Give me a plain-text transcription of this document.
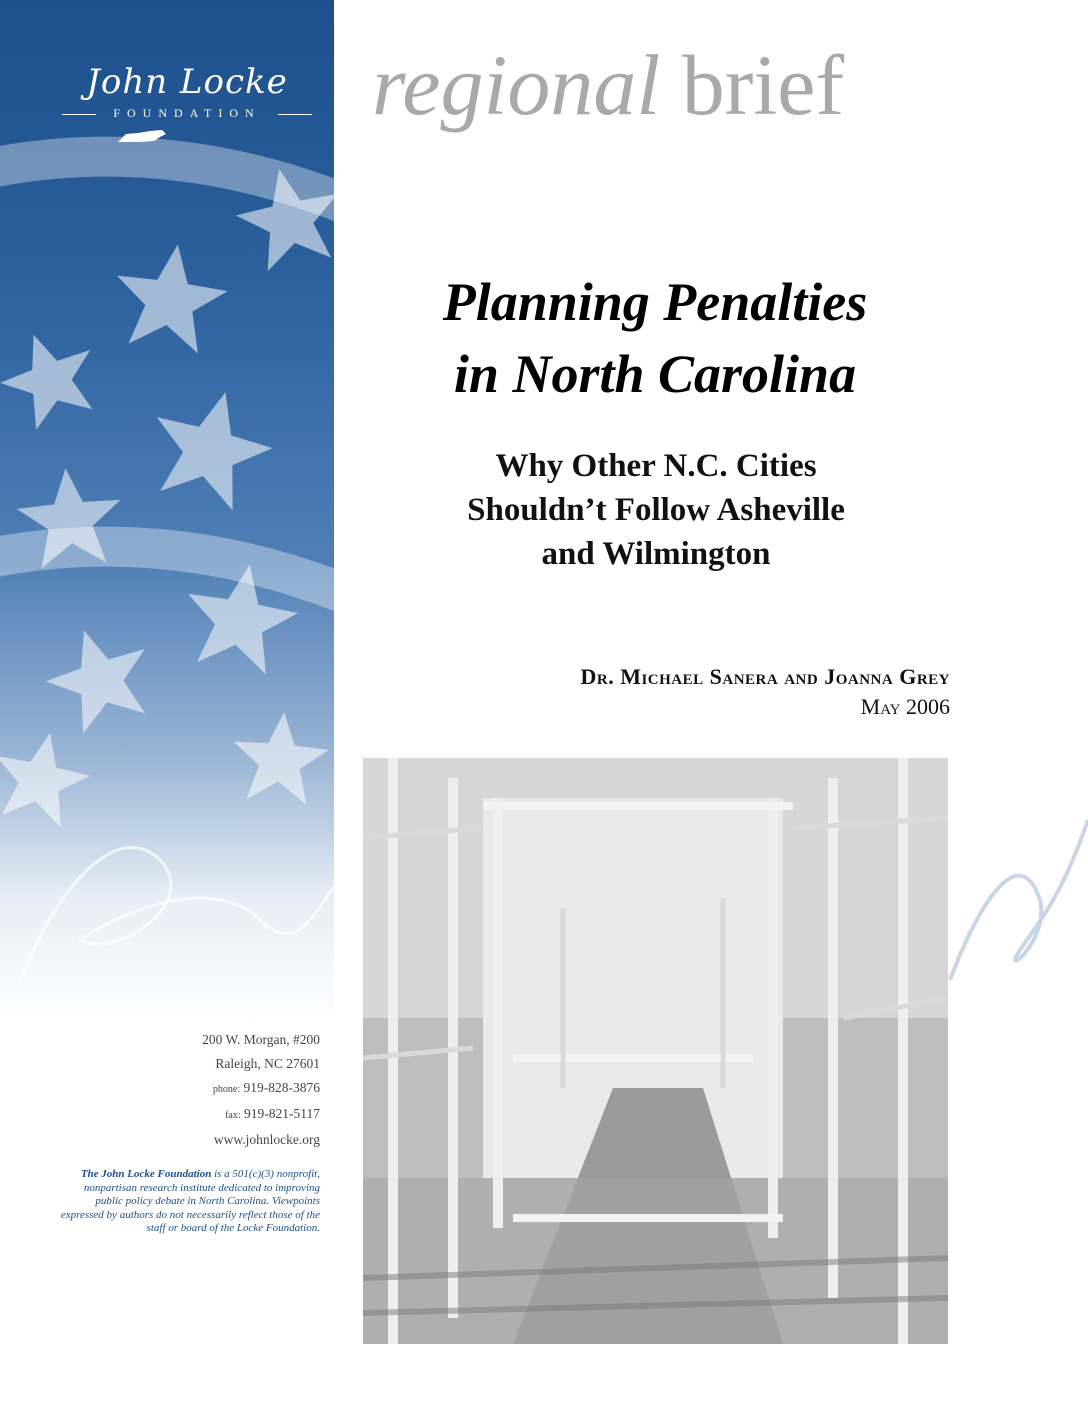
John Locke
FOUNDATION	regional brief
Planning Penalties
in North Carolina
Why Other N.C. Cities
Shouldn’t Follow Asheville
and Wilmington
Dr. Michael Sanera and Joanna Grey
May 2006
200 W. Morgan, #200
Raleigh, NC 27601
phone: 919-828-3876
fax: 919-821-5117
www.johnlocke.org
The John Locke Foundation is a 501(c)(3) nonprofit, nonpartisan research institute dedicated to improving public policy debate in North Carolina. Viewpoints expressed by authors do not necessarily reflect those of the staff or board of the Locke Foundation.
